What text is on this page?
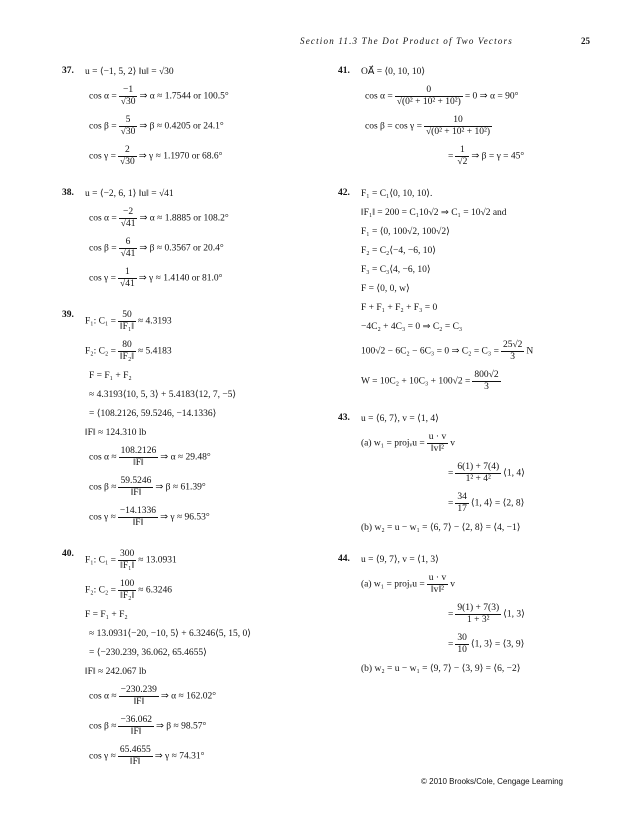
Section 11.3 The Dot Product of Two Vectors	25
37.	u = ⟨−1, 5, 2⟩ ‖u‖ = √30
$\cos \alpha = \frac{-1}{√30}$ ⇒ α ≈ 1.7544 or 100.5°
$\cos \beta = \frac{5}{√30}$ ⇒ β ≈ 0.4205 or 24.1°
$\cos \gamma = \frac{2}{√30}$ ⇒ γ ≈ 1.1970 or 68.6°
38.	u = ⟨−2, 6, 1⟩ ‖u‖ = √41
$\cos \alpha = \frac{-2}{√41}$ ⇒ α ≈ 1.8885 or 108.2°
$\cos \beta = \frac{6}{√41}$ ⇒ β ≈ 0.3567 or 20.4°
$\cos \gamma = \frac{1}{√41}$ ⇒ γ ≈ 1.4140 or 81.0°
39.
F₁: $C_1 = \frac{50}{\text{‖F₁‖}} \approx 4.3193$
F₂: $C_2 = \frac{80}{\text{‖F₂‖}} \approx 5.4183$
F = F₁ + F₂
≈ 4.3193⟨10, 5, 3⟩ + 5.4183⟨12, 7, −5⟩
= ⟨108.2126, 59.5246, −14.1336⟩
‖F‖ ≈ 124.310 lb
$\cos \alpha \approx \frac{108.2126}{‖F‖}$ ⇒ α ≈ 29.48°
$\cos \beta \approx \frac{59.5246}{‖F‖}$ ⇒ β ≈ 61.39°
$\cos \gamma \approx \frac{-14.1336}{‖F‖}$ ⇒ γ ≈ 96.53°
40.
F₁: $C_1 = \frac{300}{\text{‖F₁‖}} \approx 13.0931$
F₂: $C_2 = \frac{100}{\text{‖F₂‖}} \approx 6.3246$
F = F₁ + F₂
≈ 13.0931⟨−20, −10, 5⟩ + 6.3246⟨5, 15, 0⟩
= ⟨−230.239, 36.062, 65.4655⟩
‖F‖ ≈ 242.067 lb
$\cos \alpha \approx \frac{-230.239}{‖F‖}$ ⇒ α ≈ 162.02°
$\cos \beta \approx \frac{-36.062}{‖F‖}$ ⇒ β ≈ 98.57°
$\cos \gamma \approx \frac{65.4655}{‖F‖}$ ⇒ γ ≈ 74.31°
41.	OA⃗ = ⟨0, 10, 10⟩
$\cos \alpha = \frac{0}{\text{√(0² + 10² + 10²)}} = 0$ ⇒ α = 90°
$\cos \beta = \cos \gamma = \frac{10}{\text{√(0² + 10² + 10²)}}$
= $\frac{1}{√2}$ ⇒ β = γ = 45°
42.	F₁ = C₁⟨0, 10, 10⟩.
‖F₁‖ = 200 = C₁10√2 ⇒ C₁ = 10√2 and
F₁ = ⟨0, 100√2, 100√2⟩
F₂ = C₂⟨−4, −6, 10⟩
F₃ = C₃⟨4, −6, 10⟩
F = ⟨0, 0, w⟩
F + F₁ + F₂ + F₃ = 0
−4C₂ + 4C₃ = 0 ⇒ C₂ = C₃
100√2 − 6C₂ − 6C₃ = 0 ⇒ $C_2 = C_3 = \frac{25√2}{3}$ N
$W = 10C_2 + 10C_3 + 100√2 = \frac{800√2}{3}$
43.	u = ⟨6, 7⟩, v = ⟨1, 4⟩
(a) w₁ = projᵥu = $\frac{u \cdot v}{\text{‖v‖²}}$ v
= $\frac{6(1) + 7(4)}{\text{1² + 4²}}$ ⟨1, 4⟩
= $\frac{34}{17}$ ⟨1, 4⟩ = ⟨2, 8⟩
(b) w₂ = u − w₁ = ⟨6, 7⟩ − ⟨2, 8⟩ = ⟨4, −1⟩
44.	u = ⟨9, 7⟩, v = ⟨1, 3⟩
(a) w₁ = projᵥu = $\frac{u \cdot v}{\text{‖v‖²}}$ v
= $\frac{9(1) + 7(3)}{\text{1 + 3²}}$ ⟨1, 3⟩
= $\frac{30}{10}$ ⟨1, 3⟩ = ⟨3, 9⟩
(b) w₂ = u − w₁ = ⟨9, 7⟩ − ⟨3, 9⟩ = ⟨6, −2⟩
© 2010 Brooks/Cole, Cengage Learning
